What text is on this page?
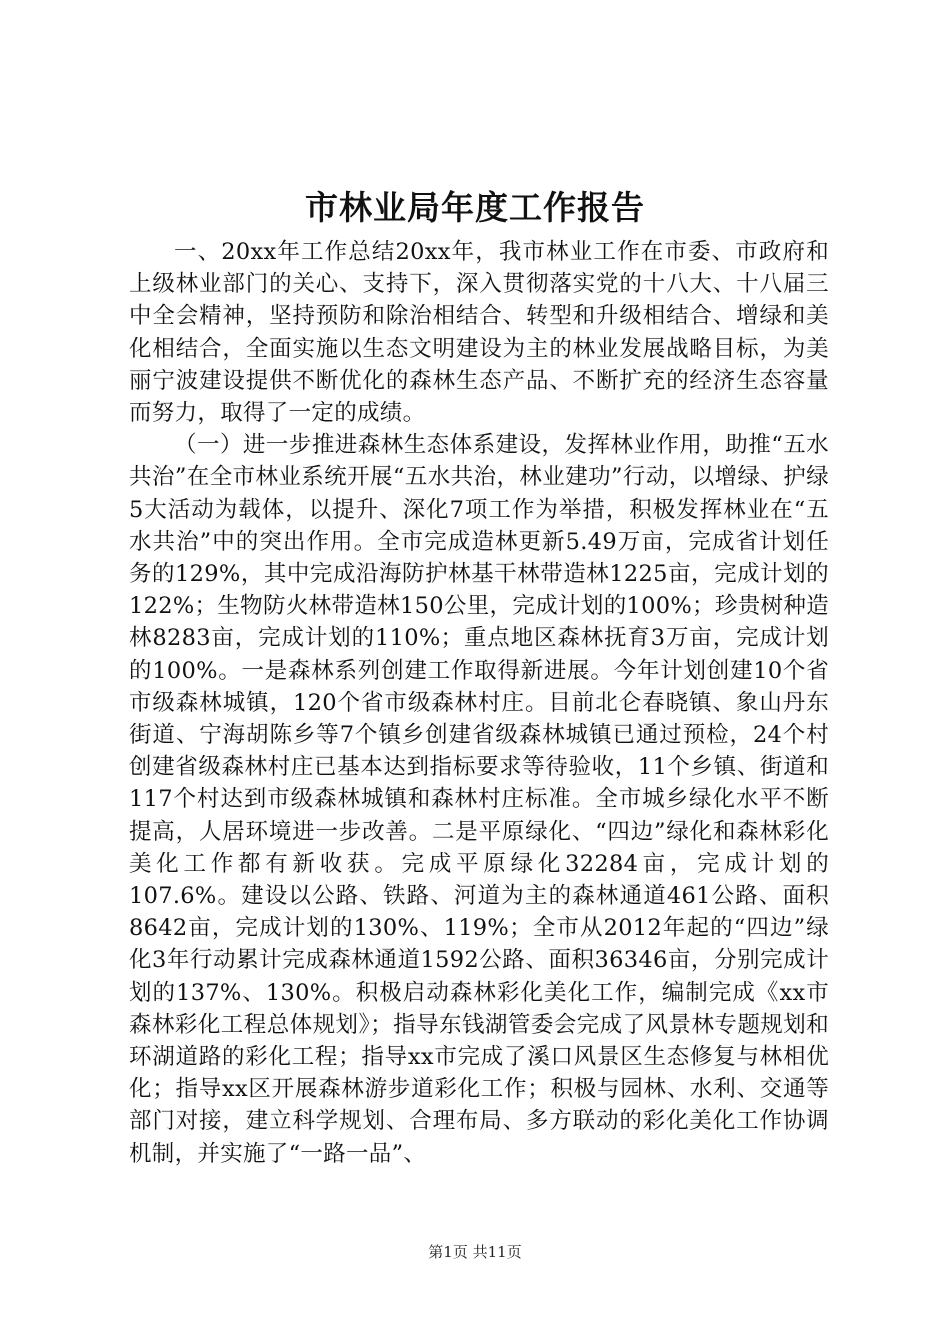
市林业局年度工作报告

一、20xx年工作总结20xx年，我市林业工作在市委、市政府和上级林业部门的关心、支持下，深入贯彻落实党的十八大、十八届三中全会精神，坚持预防和除治相结合、转型和升级相结合、增绿和美化相结合，全面实施以生态文明建设为主的林业发展战略目标，为美丽宁波建设提供不断优化的森林生态产品、不断扩充的经济生态容量而努力，取得了一定的成绩。

（一）进一步推进森林生态体系建设，发挥林业作用，助推“五水共治”在全市林业系统开展“五水共治，林业建功”行动，以增绿、护绿5大活动为载体，以提升、深化7项工作为举措，积极发挥林业在“五水共治”中的突出作用。全市完成造林更新5.49万亩，完成省计划任务的129%，其中完成沿海防护林基干林带造林1225亩，完成计划的122%；生物防火林带造林150公里，完成计划的100%；珍贵树种造林8283亩，完成计划的110%；重点地区森林抚育3万亩，完成计划的100%。一是森林系列创建工作取得新进展。今年计划创建10个省市级森林城镇，120个省市级森林村庄。目前北仑春晓镇、象山丹东街道、宁海胡陈乡等7个镇乡创建省级森林城镇已通过预检，24个村创建省级森林村庄已基本达到指标要求等待验收，11个乡镇、街道和117个村达到市级森林城镇和森林村庄标准。全市城乡绿化水平不断提高，人居环境进一步改善。二是平原绿化、“四边”绿化和森林彩化美化工作都有新收获。完成平原绿化32284亩，完成计划的107.6%。建设以公路、铁路、河道为主的森林通道461公路、面积8642亩，完成计划的130%、119%；全市从2012年起的“四边”绿化3年行动累计完成森林通道1592公路、面积36346亩，分别完成计划的137%、130%。积极启动森林彩化美化工作，编制完成《xx市森林彩化工程总体规划》；指导东钱湖管委会完成了风景林专题规划和环湖道路的彩化工程；指导xx市完成了溪口风景区生态修复与林相优化；指导xx区开展森林游步道彩化工作；积极与园林、水利、交通等部门对接，建立科学规划、合理布局、多方联动的彩化美化工作协调机制，并实施了“一路一品”、

第1页 共11页
